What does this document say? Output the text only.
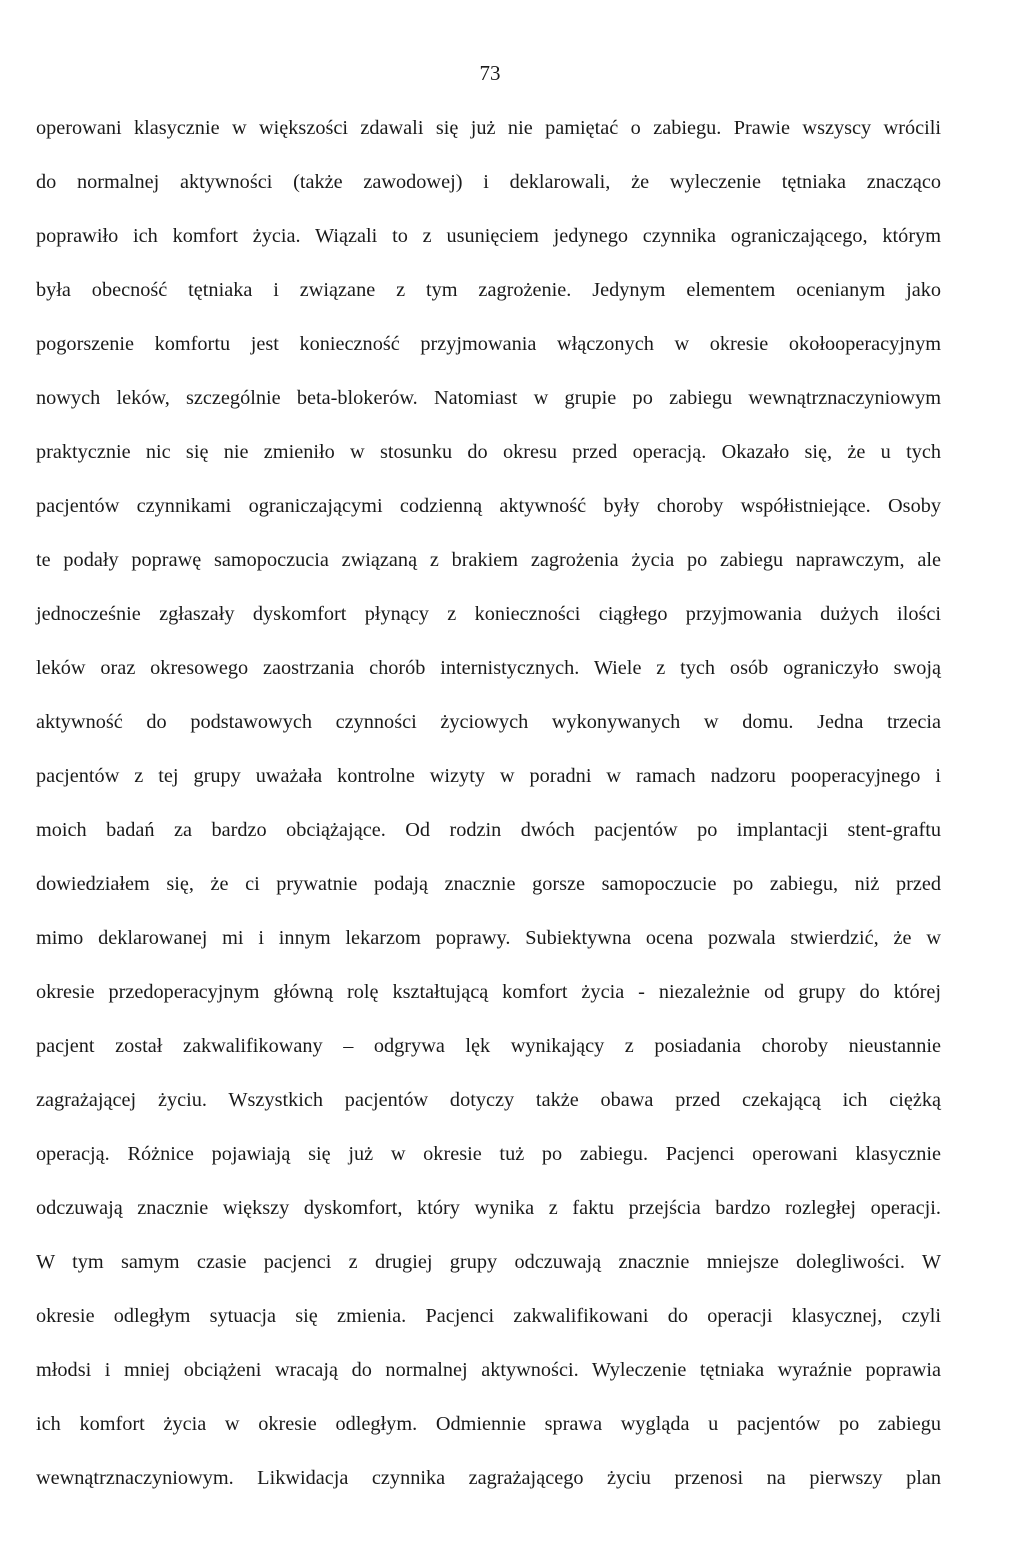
73
operowani klasycznie w większości zdawali się już nie pamiętać o zabiegu. Prawie wszyscy wrócili
do normalnej aktywności (także zawodowej) i deklarowali, że wyleczenie tętniaka znacząco
poprawiło ich komfort życia. Wiązali to z usunięciem jedynego czynnika ograniczającego, którym
była obecność tętniaka i związane z tym zagrożenie. Jedynym elementem ocenianym jako
pogorszenie komfortu jest konieczność przyjmowania włączonych w okresie okołooperacyjnym
nowych leków, szczególnie beta-blokerów. Natomiast w grupie po zabiegu wewnątrznaczyniowym
praktycznie nic się nie zmieniło w stosunku do okresu przed operacją. Okazało się, że u tych
pacjentów czynnikami ograniczającymi codzienną aktywność były choroby współistniejące. Osoby
te podały poprawę samopoczucia związaną z brakiem zagrożenia życia po zabiegu naprawczym, ale
jednocześnie zgłaszały dyskomfort płynący z konieczności ciągłego przyjmowania dużych ilości
leków oraz okresowego zaostrzania chorób internistycznych. Wiele z tych osób ograniczyło swoją
aktywność do podstawowych czynności życiowych wykonywanych w domu. Jedna trzecia
pacjentów z tej grupy uważała kontrolne wizyty w poradni w ramach nadzoru pooperacyjnego i
moich badań za bardzo obciążające. Od rodzin dwóch pacjentów po implantacji stent-graftu
dowiedziałem się, że ci prywatnie podają znacznie gorsze samopoczucie po zabiegu, niż przed
mimo deklarowanej mi i innym lekarzom poprawy. Subiektywna ocena pozwala stwierdzić, że w
okresie przedoperacyjnym główną rolę kształtującą komfort życia - niezależnie od grupy do której
pacjent został zakwalifikowany – odgrywa lęk wynikający z posiadania choroby nieustannie
zagrażającej życiu. Wszystkich pacjentów dotyczy także obawa przed czekającą ich ciężką
operacją. Różnice pojawiają się już w okresie tuż po zabiegu. Pacjenci operowani klasycznie
odczuwają znacznie większy dyskomfort, który wynika z faktu przejścia bardzo rozległej operacji.
W tym samym czasie pacjenci z drugiej grupy odczuwają znacznie mniejsze dolegliwości. W
okresie odległym sytuacja się zmienia. Pacjenci zakwalifikowani do operacji klasycznej, czyli
młodsi i mniej obciążeni wracają do normalnej aktywności. Wyleczenie tętniaka wyraźnie poprawia
ich komfort życia w okresie odległym. Odmiennie sprawa wygląda u pacjentów po zabiegu
wewnątrznaczyniowym. Likwidacja czynnika zagrażającego życiu przenosi na pierwszy plan
